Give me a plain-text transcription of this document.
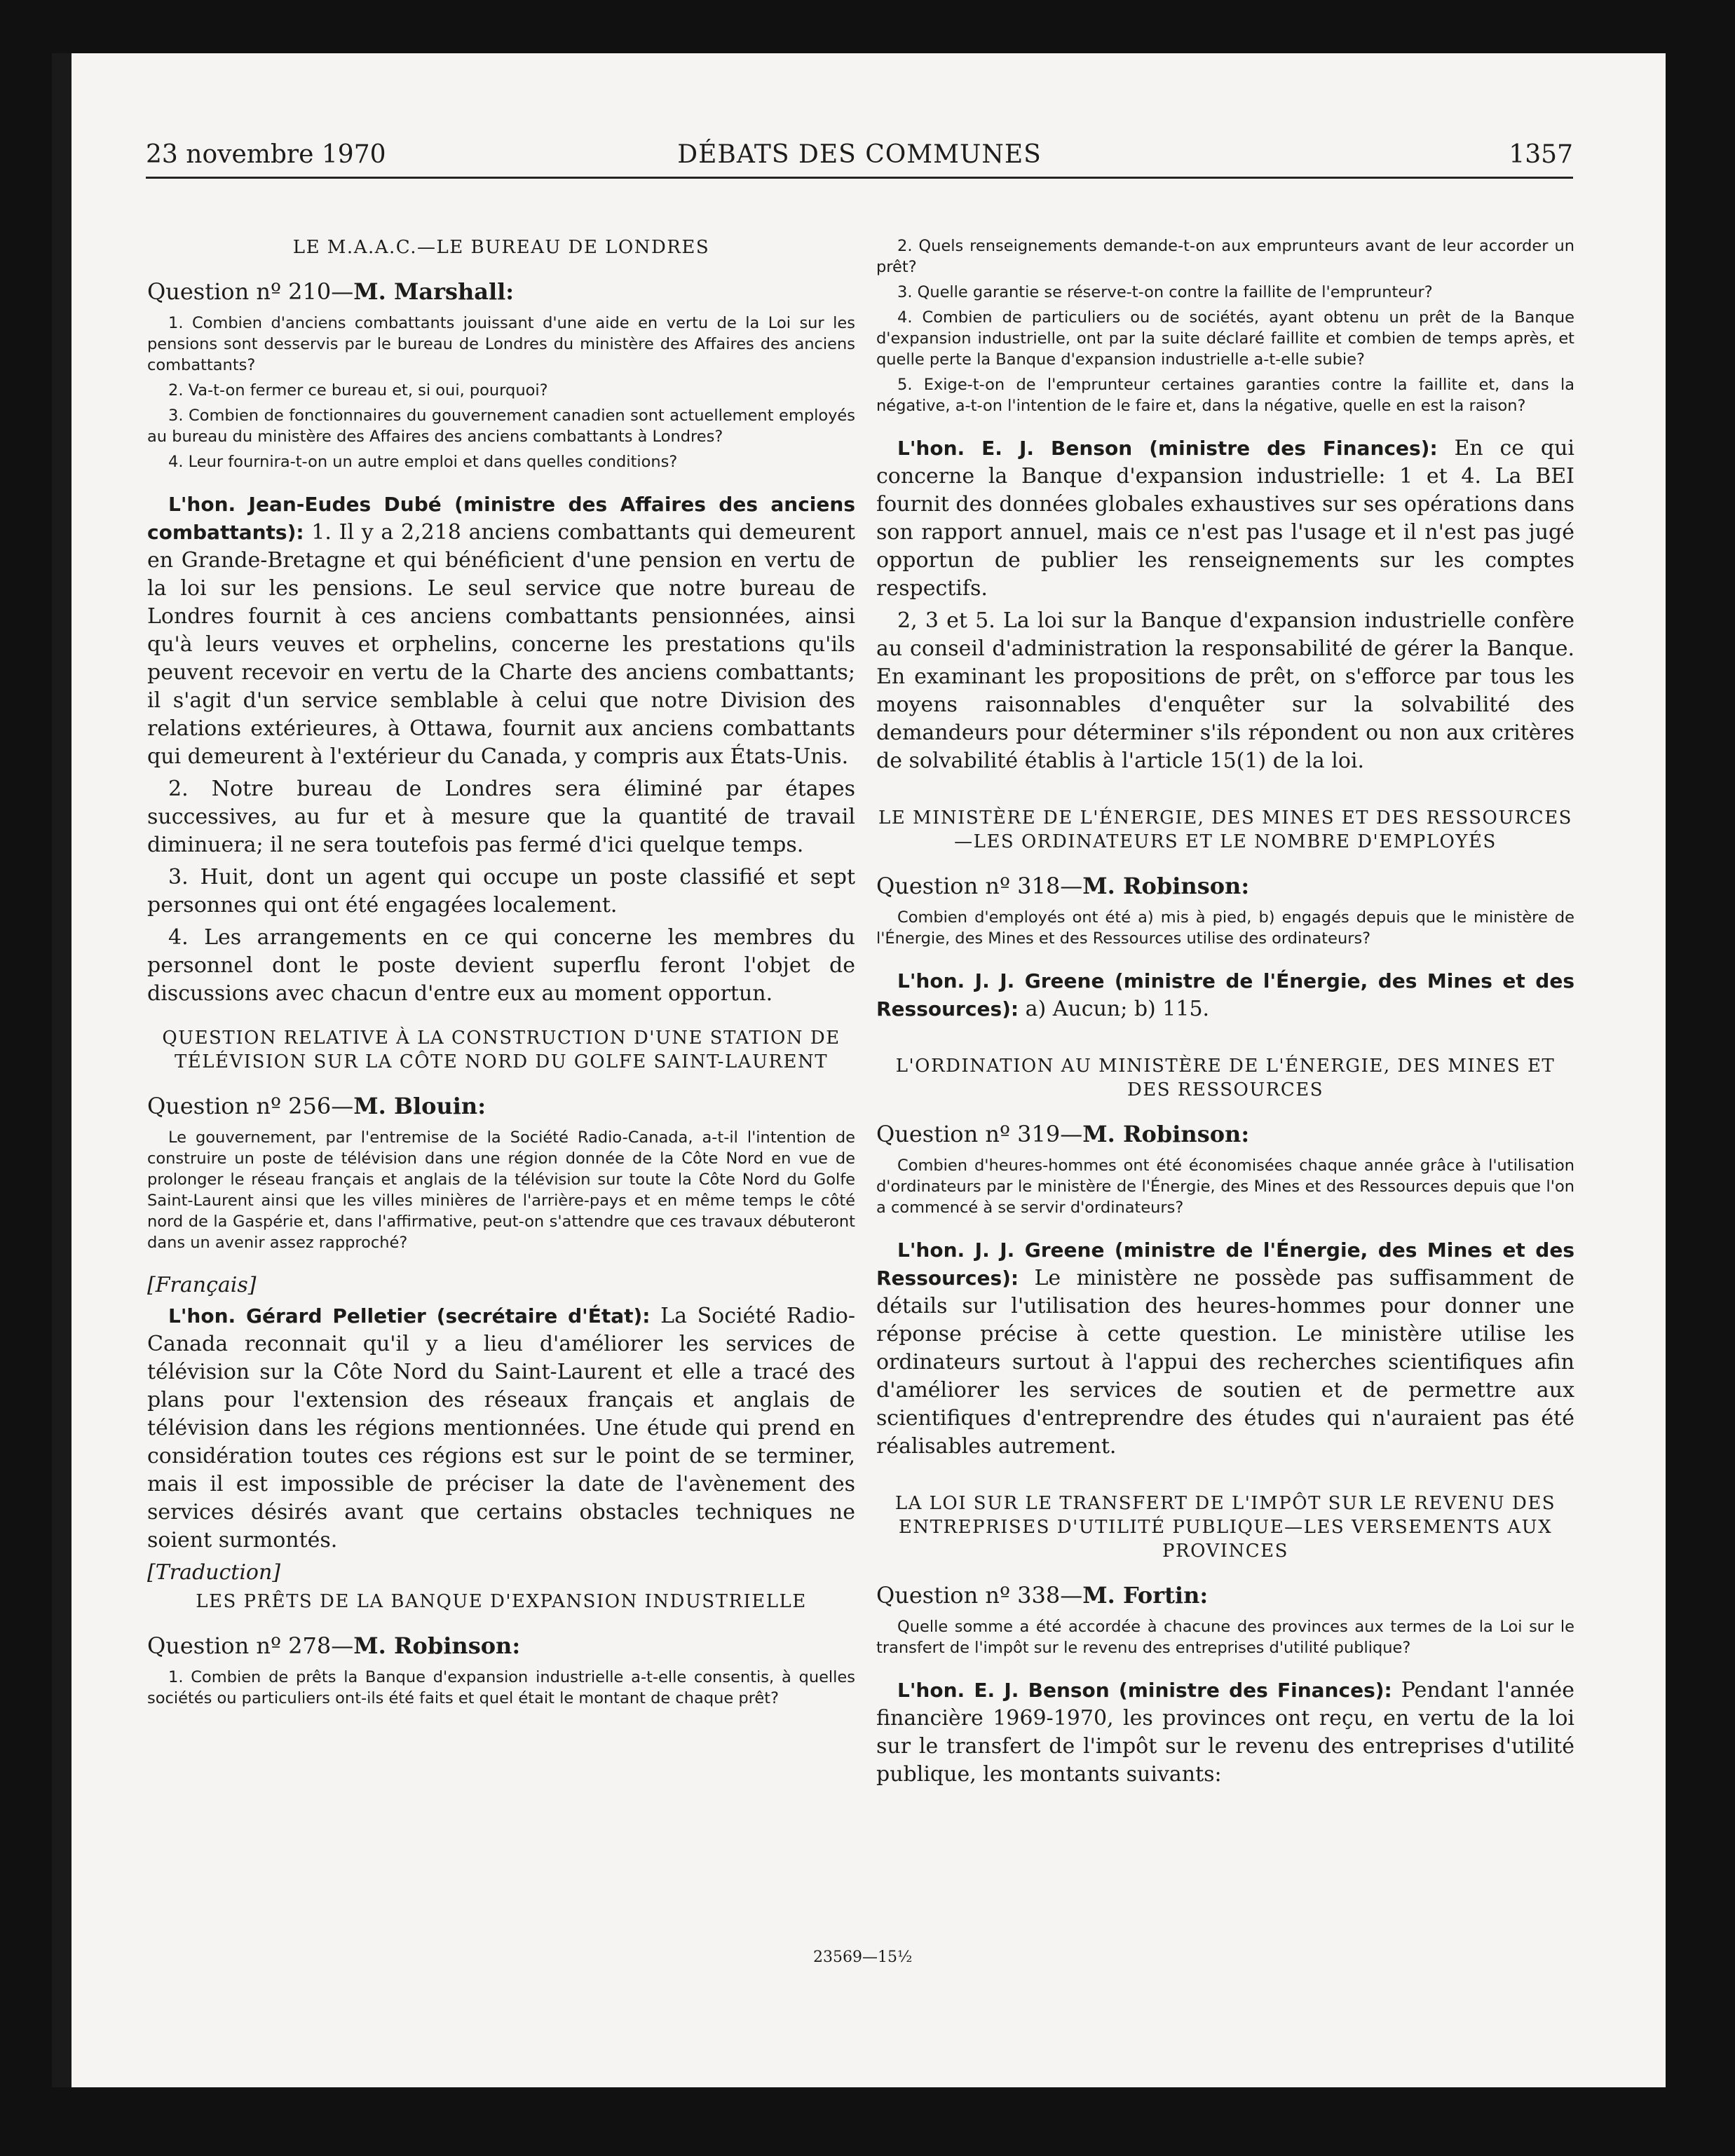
23 novembre 1970	DÉBATS DES COMMUNES	1357
LE M.A.A.C.—LE BUREAU DE LONDRES
Question nº 210—M. Marshall:

1. Combien d'anciens combattants jouissant d'une aide en vertu de la Loi sur les pensions sont desservis par le bureau de Londres du ministère des Affaires des anciens combattants?

2. Va-t-on fermer ce bureau et, si oui, pourquoi?

3. Combien de fonctionnaires du gouvernement canadien sont actuellement employés au bureau du ministère des Affaires des anciens combattants à Londres?

4. Leur fournira-t-on un autre emploi et dans quelles conditions?

L'hon. Jean-Eudes Dubé (ministre des Affaires des anciens combattants): 1. Il y a 2,218 anciens combattants qui demeurent en Grande-Bretagne et qui bénéficient d'une pension en vertu de la loi sur les pensions. Le seul service que notre bureau de Londres fournit à ces anciens combattants pensionnées, ainsi qu'à leurs veuves et orphelins, concerne les prestations qu'ils peuvent recevoir en vertu de la Charte des anciens combattants; il s'agit d'un service semblable à celui que notre Division des relations extérieures, à Ottawa, fournit aux anciens combattants qui demeurent à l'extérieur du Canada, y compris aux États-Unis.

2. Notre bureau de Londres sera éliminé par étapes successives, au fur et à mesure que la quantité de travail diminuera; il ne sera toutefois pas fermé d'ici quelque temps.

3. Huit, dont un agent qui occupe un poste classifié et sept personnes qui ont été engagées localement.

4. Les arrangements en ce qui concerne les membres du personnel dont le poste devient superflu feront l'objet de discussions avec chacun d'entre eux au moment opportun.

QUESTION RELATIVE À LA CONSTRUCTION D'UNE STATION DE TÉLÉVISION SUR LA CÔTE NORD DU GOLFE SAINT-LAURENT
Question nº 256—M. Blouin:

Le gouvernement, par l'entremise de la Société Radio-Canada, a-t-il l'intention de construire un poste de télévision dans une région donnée de la Côte Nord en vue de prolonger le réseau français et anglais de la télévision sur toute la Côte Nord du Golfe Saint-Laurent ainsi que les villes minières de l'arrière-pays et en même temps le côté nord de la Gaspérie et, dans l'affirmative, peut-on s'attendre que ces travaux débuteront dans un avenir assez rapproché?

[Français]

L'hon. Gérard Pelletier (secrétaire d'État): La Société Radio-Canada reconnait qu'il y a lieu d'améliorer les services de télévision sur la Côte Nord du Saint-Laurent et elle a tracé des plans pour l'extension des réseaux français et anglais de télévision dans les régions mentionnées. Une étude qui prend en considération toutes ces régions est sur le point de se terminer, mais il est impossible de préciser la date de l'avènement des services désirés avant que certains obstacles techniques ne soient surmontés.

[Traduction]
LES PRÊTS DE LA BANQUE D'EXPANSION INDUSTRIELLE
Question nº 278—M. Robinson:

1. Combien de prêts la Banque d'expansion industrielle a-t-elle consentis, à quelles sociétés ou particuliers ont-ils été faits et quel était le montant de chaque prêt?

2. Quels renseignements demande-t-on aux emprunteurs avant de leur accorder un prêt?

3. Quelle garantie se réserve-t-on contre la faillite de l'emprunteur?

4. Combien de particuliers ou de sociétés, ayant obtenu un prêt de la Banque d'expansion industrielle, ont par la suite déclaré faillite et combien de temps après, et quelle perte la Banque d'expansion industrielle a-t-elle subie?

5. Exige-t-on de l'emprunteur certaines garanties contre la faillite et, dans la négative, a-t-on l'intention de le faire et, dans la négative, quelle en est la raison?

L'hon. E. J. Benson (ministre des Finances): En ce qui concerne la Banque d'expansion industrielle: 1 et 4. La BEI fournit des données globales exhaustives sur ses opérations dans son rapport annuel, mais ce n'est pas l'usage et il n'est pas jugé opportun de publier les renseignements sur les comptes respectifs.

2, 3 et 5. La loi sur la Banque d'expansion industrielle confère au conseil d'administration la responsabilité de gérer la Banque. En examinant les propositions de prêt, on s'efforce par tous les moyens raisonnables d'enquêter sur la solvabilité des demandeurs pour déterminer s'ils répondent ou non aux critères de solvabilité établis à l'article 15(1) de la loi.

LE MINISTÈRE DE L'ÉNERGIE, DES MINES ET DES RESSOURCES—LES ORDINATEURS ET LE NOMBRE D'EMPLOYÉS
Question nº 318—M. Robinson:

Combien d'employés ont été a) mis à pied, b) engagés depuis que le ministère de l'Énergie, des Mines et des Ressources utilise des ordinateurs?

L'hon. J. J. Greene (ministre de l'Énergie, des Mines et des Ressources): a) Aucun; b) 115.

L'ORDINATION AU MINISTÈRE DE L'ÉNERGIE, DES MINES ET DES RESSOURCES
Question nº 319—M. Robinson:

Combien d'heures-hommes ont été économisées chaque année grâce à l'utilisation d'ordinateurs par le ministère de l'Énergie, des Mines et des Ressources depuis que l'on a commencé à se servir d'ordinateurs?

L'hon. J. J. Greene (ministre de l'Énergie, des Mines et des Ressources): Le ministère ne possède pas suffisamment de détails sur l'utilisation des heures-hommes pour donner une réponse précise à cette question. Le ministère utilise les ordinateurs surtout à l'appui des recherches scientifiques afin d'améliorer les services de soutien et de permettre aux scientifiques d'entreprendre des études qui n'auraient pas été réalisables autrement.

LA LOI SUR LE TRANSFERT DE L'IMPÔT SUR LE REVENU DES ENTREPRISES D'UTILITÉ PUBLIQUE—LES VERSEMENTS AUX PROVINCES
Question nº 338—M. Fortin:

Quelle somme a été accordée à chacune des provinces aux termes de la Loi sur le transfert de l'impôt sur le revenu des entreprises d'utilité publique?

L'hon. E. J. Benson (ministre des Finances): Pendant l'année financière 1969-1970, les provinces ont reçu, en vertu de la loi sur le transfert de l'impôt sur le revenu des entreprises d'utilité publique, les montants suivants:

23569—15½
